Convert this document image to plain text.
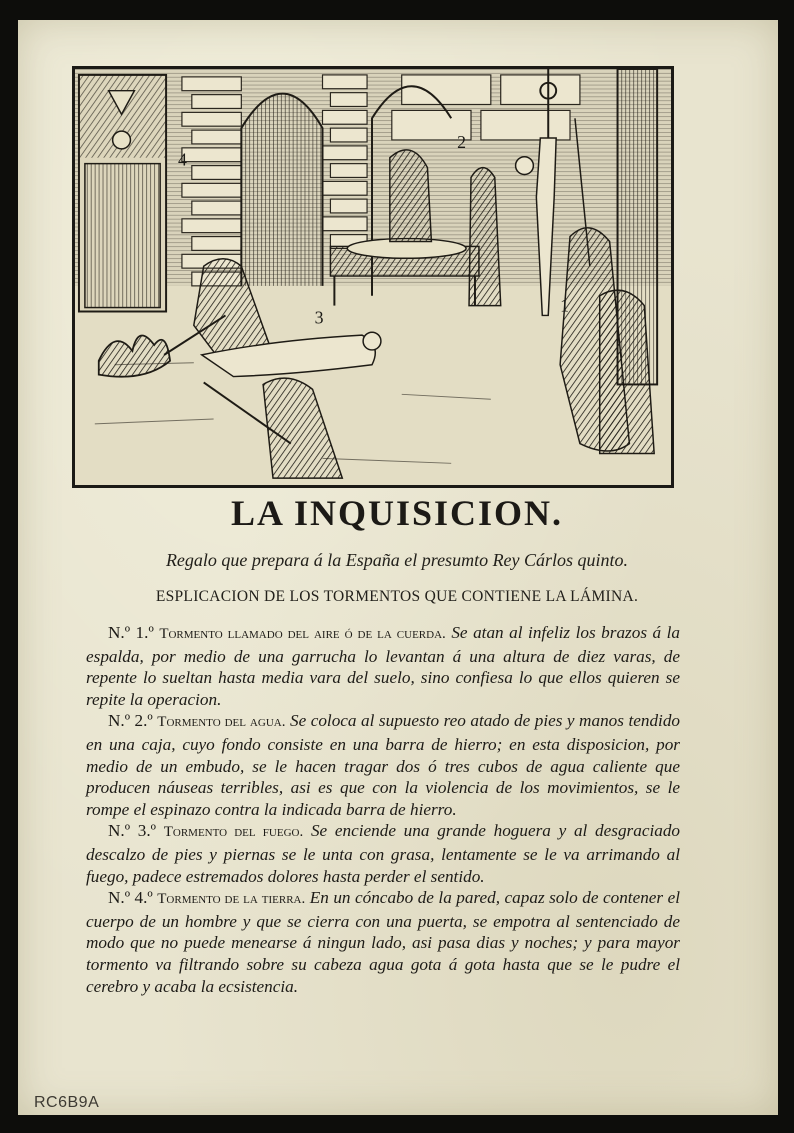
4
2
3
1
LA INQUISICION.
Regalo que prepara á la España el presumto Rey Cárlos quinto.
ESPLICACION DE LOS TORMENTOS QUE CONTIENE LA LÁMINA.

N.º 1.º Tormento llamado del aire ó de la cuerda. Se atan al infeliz los brazos á la espalda, por medio de una garrucha lo levantan á una altura de diez varas, de repente lo sueltan hasta media vara del suelo, sino confiesa lo que ellos quieren se repite la operacion.

N.º 2.º Tormento del agua. Se coloca al supuesto reo atado de pies y manos tendido en una caja, cuyo fondo consiste en una barra de hierro; en esta disposicion, por medio de un embudo, se le hacen tragar dos ó tres cubos de agua caliente que producen náuseas terribles, asi es que con la violencia de los movimientos, se le rompe el espinazo contra la indicada barra de hierro.

N.º 3.º Tormento del fuego. Se enciende una grande hoguera y al desgraciado descalzo de pies y piernas se le unta con grasa, lentamente se le va arrimando al fuego, padece estremados dolores hasta perder el sentido.

N.º 4.º Tormento de la tierra. En un cóncabo de la pared, capaz solo de contener el cuerpo de un hombre y que se cierra con una puerta, se empotra al sentenciado de modo que no puede menearse á ningun lado, asi pasa dias y noches; y para mayor tormento va filtrando sobre su cabeza agua gota á gota hasta que se le pudre el cerebro y acaba la ecsistencia.

RC6B9A
